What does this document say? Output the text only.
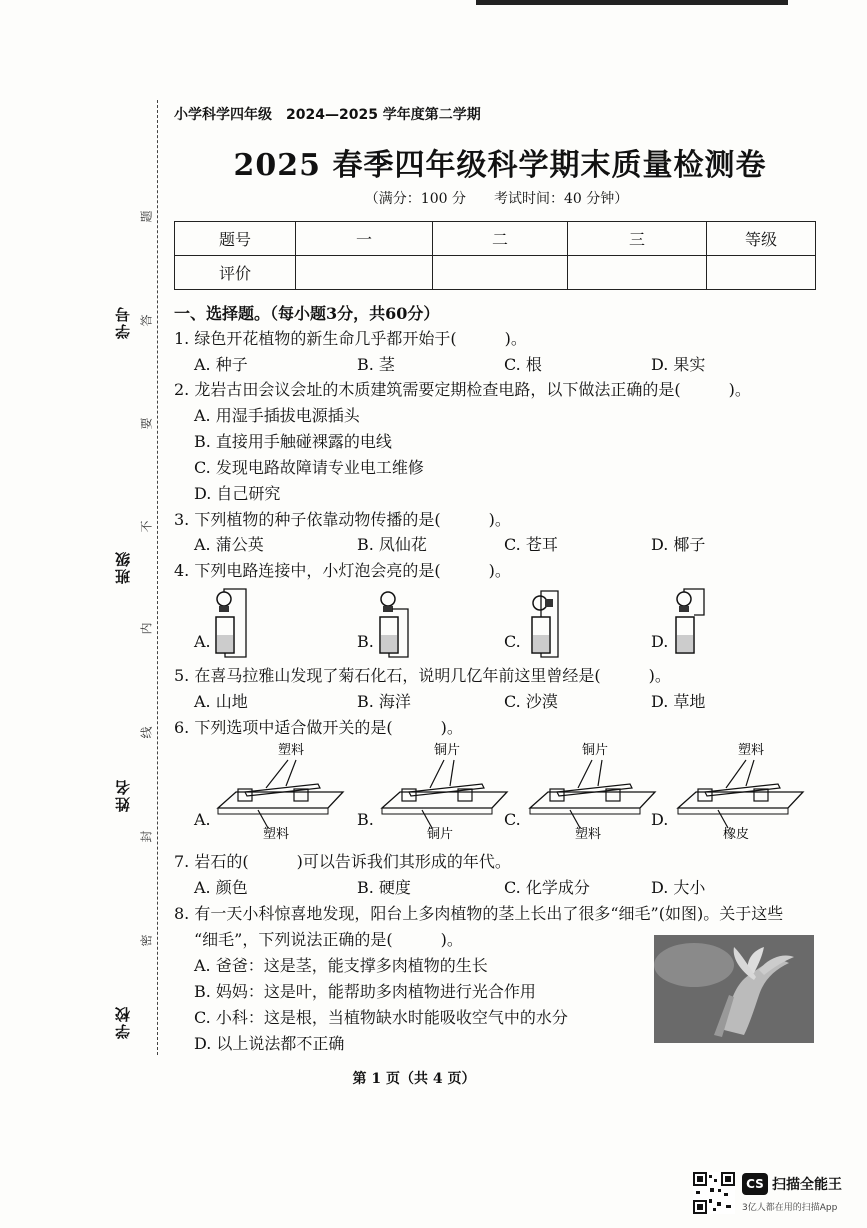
学号
班级
姓名
学校
题
答
要
不
内
线
封
密
小学科学四年级　2024—2025 学年度第二学期
2025 春季四年级科学期末质量检测卷
（满分：100 分　　考试时间：40 分钟）
题号	一	二	三	等级
评价				
一、选择题。（每小题3分，共60分）
1. 绿色开花植物的新生命几乎都开始于(　　　)。
A. 种子	B. 茎	C. 根	D. 果实
2. 龙岩古田会议会址的木质建筑需要定期检查电路，以下做法正确的是(　　　)。
A. 用湿手插拔电源插头
B. 直接用手触碰裸露的电线
C. 发现电路故障请专业电工维修
D. 自己研究
3. 下列植物的种子依靠动物传播的是(　　　)。
A. 蒲公英	B. 凤仙花	C. 苍耳	D. 椰子
4. 下列电路连接中，小灯泡会亮的是(　　　)。
A.	B.	C.	D.
5. 在喜马拉雅山发现了菊石化石，说明几亿年前这里曾经是(　　　)。
A. 山地	B. 海洋	C. 沙漠	D. 草地
6. 下列选项中适合做开关的是(　　　)。
A.
塑料
塑料
B.
铜片
铜片
C.
铜片
塑料
D.
塑料
橡皮
7. 岩石的(　　　)可以告诉我们其形成的年代。
A. 颜色	B. 硬度	C. 化学成分	D. 大小
8. 有一天小科惊喜地发现，阳台上多肉植物的茎上长出了很多“细毛”(如图)。关于这些
“细毛”，下列说法正确的是(　　　)。
A. 爸爸：这是茎，能支撑多肉植物的生长
B. 妈妈：这是叶，能帮助多肉植物进行光合作用
C. 小科：这是根，当植物缺水时能吸收空气中的水分
D. 以上说法都不正确
第 1 页（共 4 页）
CS 扫描全能王
3亿人都在用的扫描App
